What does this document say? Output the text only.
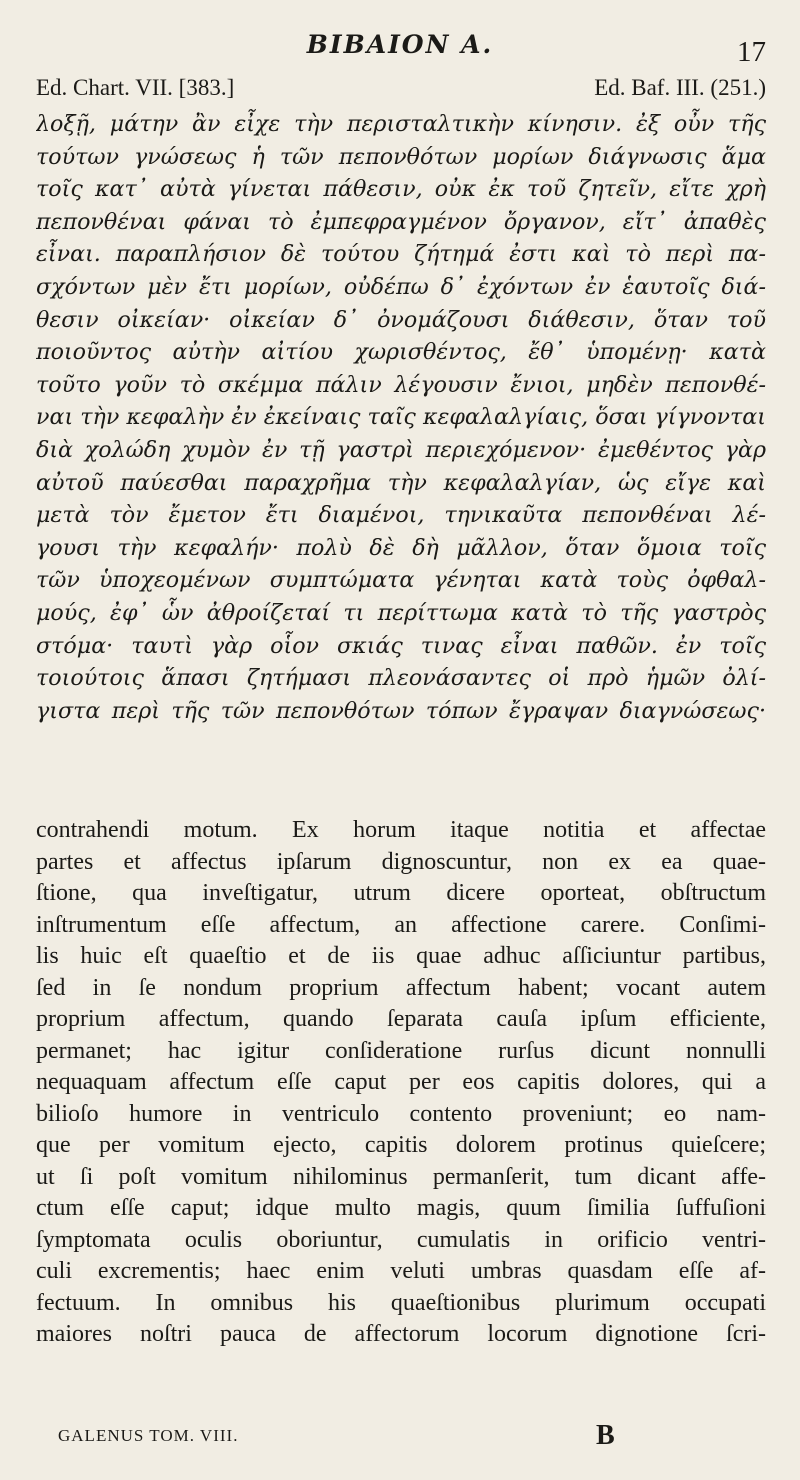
BIBAION A.	17
Ed. Chart. VII. [383.]	Ed. Baf. III. (251.)
λοξῇ, μάτην ἂν εἶχε τὴν περισταλτικὴν κίνησιν. ἐξ οὖν τῆς
τούτων γνώσεως ἡ τῶν πεπονθότων μορίων διάγνωσις ἅμα
τοῖς κατ᾽ αὐτὰ γίνεται πάθεσιν, οὐκ ἐκ τοῦ ζητεῖν, εἴτε χρὴ
πεπονθέναι φάναι τὸ ἐμπεφραγμένον ὄργανον, εἴτ᾽ ἀπαθὲς
εἶναι. παραπλήσιον δὲ τούτου ζήτημά ἐστι καὶ τὸ περὶ πα-
σχόντων μὲν ἔτι μορίων, οὐδέπω δ᾽ ἐχόντων ἐν ἑαυτοῖς διά-
θεσιν οἰκείαν· οἰκείαν δ᾽ ὀνομάζουσι διάθεσιν, ὅταν τοῦ
ποιοῦντος αὐτὴν αἰτίου χωρισθέντος, ἔθ᾽ ὑπομένῃ· κατὰ
τοῦτο γοῦν τὸ σκέμμα πάλιν λέγουσιν ἔνιοι, μηδὲν πεπονθέ-
ναι τὴν κεφαλὴν ἐν ἐκείναις ταῖς κεφαλαλγίαις, ὅσαι γίγνονται
διὰ χολώδη χυμὸν ἐν τῇ γαστρὶ περιεχόμενον· ἐμεθέντος γὰρ
αὐτοῦ παύεσθαι παραχρῆμα τὴν κεφαλαλγίαν, ὡς εἴγε καὶ
μετὰ τὸν ἔμετον ἔτι διαμένοι, τηνικαῦτα πεπονθέναι λέ-
γουσι τὴν κεφαλήν· πολὺ δὲ δὴ μᾶλλον, ὅταν ὅμοια τοῖς
τῶν ὑποχεομένων συμπτώματα γένηται κατὰ τοὺς ὀφθαλ-
μούς, ἐφ᾽ ὧν ἀθροίζεταί τι περίττωμα κατὰ τὸ τῆς γαστρὸς
στόμα· ταυτὶ γὰρ οἷον σκιάς τινας εἶναι παθῶν. ἐν τοῖς
τοιούτοις ἅπασι ζητήμασι πλεονάσαντες οἱ πρὸ ἡμῶν ὀλί-
γιστα περὶ τῆς τῶν πεπονθότων τόπων ἔγραψαν διαγνώσεως·
contrahendi motum. Ex horum itaque notitia et affectae
partes et affectus ipſarum dignoscuntur, non ex ea quae-
ſtione, qua inveſtigatur, utrum dicere oporteat, obſtructum
inſtrumentum eſſe affectum, an affectione carere. Conſimi-
lis huic eſt quaeſtio et de iis quae adhuc aſſiciuntur partibus,
ſed in ſe nondum proprium affectum habent; vocant autem
proprium affectum, quando ſeparata cauſa ipſum efficiente,
permanet; hac igitur conſideratione rurſus dicunt nonnulli
nequaquam affectum eſſe caput per eos capitis dolores, qui a
bilioſo humore in ventriculo contento proveniunt; eo nam-
que per vomitum ejecto, capitis dolorem protinus quieſcere;
ut ſi poſt vomitum nihilominus permanſerit, tum dicant affe-
ctum eſſe caput; idque multo magis, quum ſimilia ſuffuſioni
ſymptomata oculis oboriuntur, cumulatis in orificio ventri-
culi excrementis; haec enim veluti umbras quasdam eſſe af-
fectuum. In omnibus his quaeſtionibus plurimum occupati
maiores noſtri pauca de affectorum locorum dignotione ſcri-
GALENUS TOM. VIII.	B
